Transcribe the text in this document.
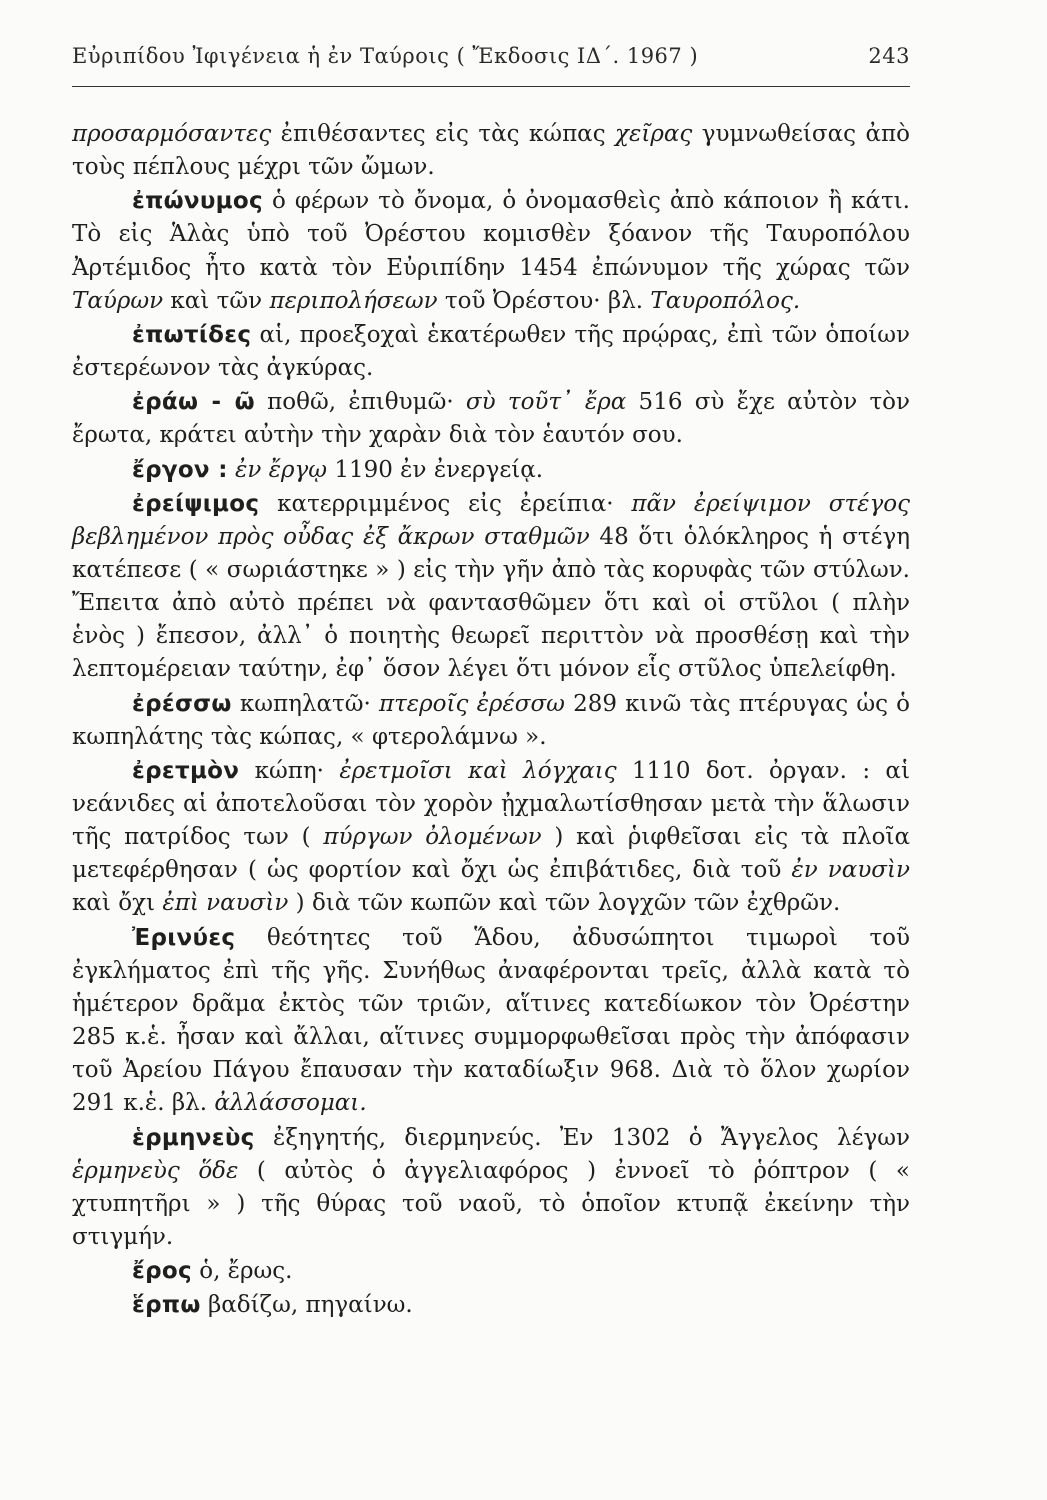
Εὐριπίδου Ἰφιγένεια ἡ ἐν Ταύροις ( Ἔκδοσις ΙΔ΄. 1967 )	243

προσαρμόσαντες ἐπιθέσαντες εἰς τὰς κώπας χεῖρας γυμνωθείσας ἀπὸ τοὺς πέπλους μέχρι τῶν ὤμων.

ἐπώνυμος ὁ φέρων τὸ ὄνομα, ὁ ὀνομασθεὶς ἀπὸ κάποιον ἢ κάτι. Τὸ εἰς Ἁλὰς ὑπὸ τοῦ Ὀρέστου κομισθὲν ξόανον τῆς Ταυροπόλου Ἀρτέμιδος ἦτο κατὰ τὸν Εὐριπίδην 1454 ἐπώνυμον τῆς χώρας τῶν Ταύρων καὶ τῶν περιπολήσεων τοῦ Ὀρέστου· βλ. Ταυροπόλος.

ἐπωτίδες αἱ, προεξοχαὶ ἑκατέρωθεν τῆς πρῴρας, ἐπὶ τῶν ὁποίων ἐστερέωνον τὰς ἀγκύρας.

ἐράω - ῶ ποθῶ, ἐπιθυμῶ· σὺ τοῦτ᾽ ἔρα 516 σὺ ἔχε αὐτὸν τὸν ἔρωτα, κράτει αὐτὴν τὴν χαρὰν διὰ τὸν ἑαυτόν σου.

ἔργον : ἐν ἔργῳ 1190 ἐν ἐνεργείᾳ.

ἐρείψιμος κατερριμμένος εἰς ἐρείπια· πᾶν ἐρείψιμον στέγος βεβλημένον πρὸς οὖδας ἐξ ἄκρων σταθμῶν 48 ὅτι ὁλόκληρος ἡ στέγη κατέπεσε ( « σωριάστηκε » ) εἰς τὴν γῆν ἀπὸ τὰς κορυφὰς τῶν στύλων. Ἔπειτα ἀπὸ αὐτὸ πρέπει νὰ φαντασθῶμεν ὅτι καὶ οἱ στῦλοι ( πλὴν ἑνὸς ) ἔπεσον, ἀλλ᾽ ὁ ποιητὴς θεωρεῖ περιττὸν νὰ προσθέσῃ καὶ τὴν λεπτομέρειαν ταύτην, ἐφ᾽ ὅσον λέγει ὅτι μόνον εἷς στῦλος ὑπελείφθη.

ἐρέσσω κωπηλατῶ· πτεροῖς ἐρέσσω 289 κινῶ τὰς πτέρυγας ὡς ὁ κωπηλάτης τὰς κώπας, « φτερολάμνω ».

ἐρετμὸν κώπη· ἐρετμοῖσι καὶ λόγχαις 1110 δοτ. ὀργαν. : αἱ νεάνιδες αἱ ἀποτελοῦσαι τὸν χορὸν ᾐχμαλωτίσθησαν μετὰ τὴν ἅλωσιν τῆς πατρίδος των ( πύργων ὀλομένων ) καὶ ῥιφθεῖσαι εἰς τὰ πλοῖα μετεφέρθησαν ( ὡς φορτίον καὶ ὄχι ὡς ἐπιβάτιδες, διὰ τοῦ ἐν ναυσὶν καὶ ὄχι ἐπὶ ναυσὶν ) διὰ τῶν κωπῶν καὶ τῶν λογχῶν τῶν ἐχθρῶν.

Ἐρινύες θεότητες τοῦ Ἅδου, ἀδυσώπητοι τιμωροὶ τοῦ ἐγκλήματος ἐπὶ τῆς γῆς. Συνήθως ἀναφέρονται τρεῖς, ἀλλὰ κατὰ τὸ ἡμέτερον δρᾶμα ἐκτὸς τῶν τριῶν, αἵτινες κατεδίωκον τὸν Ὀρέστην 285 κ.ἑ. ἦσαν καὶ ἄλλαι, αἵτινες συμμορφωθεῖσαι πρὸς τὴν ἀπόφασιν τοῦ Ἀρείου Πάγου ἔπαυσαν τὴν καταδίωξιν 968. Διὰ τὸ ὅλον χωρίον 291 κ.ἑ. βλ. ἀλλάσσομαι.

ἑρμηνεὺς ἐξηγητής, διερμηνεύς. Ἐν 1302 ὁ Ἄγγελος λέγων ἑρμηνεὺς ὅδε ( αὐτὸς ὁ ἀγγελιαφόρος ) ἐννοεῖ τὸ ῥόπτρον ( « χτυπητῆρι » ) τῆς θύρας τοῦ ναοῦ, τὸ ὁποῖον κτυπᾷ ἐκείνην τὴν στιγμήν.

ἔρος ὁ, ἔρως.

ἕρπω βαδίζω, πηγαίνω.
